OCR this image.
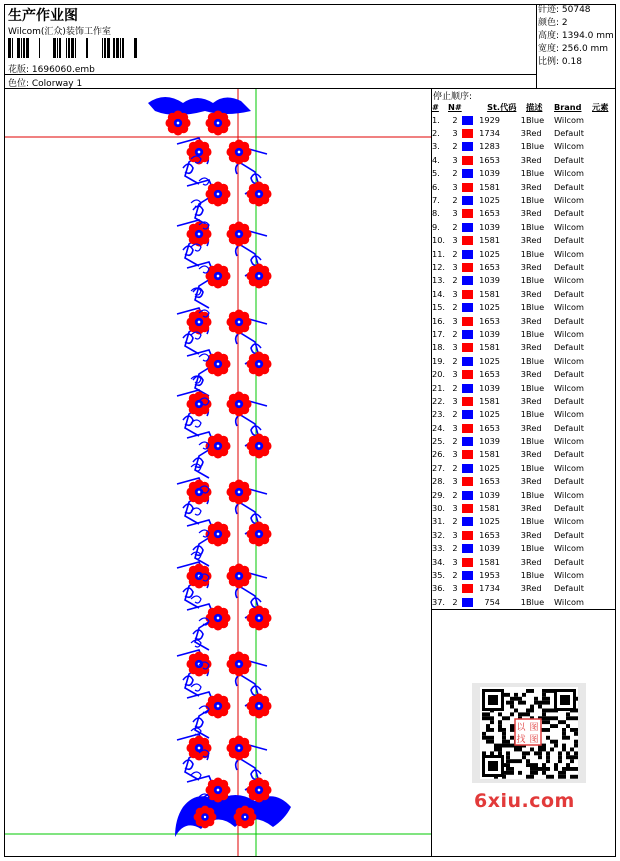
生产作业图
Wilcom(汇众)装饰工作室
花版: 1696060.emb
色位: Colorway 1
针迹: 50748
颜色: 2
高度: 1394.0 mm
宽度: 256.0 mm
比例: 0.18
停止顺序:
#	N#		St.	代码	描述	Brand	元素
1.	2		1929	1	Blue	Wilcom	
2.	3		1734	3	Red	Default	
3.	2		1283	1	Blue	Wilcom	
4.	3		1653	3	Red	Default	
5.	2		1039	1	Blue	Wilcom	
6.	3		1581	3	Red	Default	
7.	2		1025	1	Blue	Wilcom	
8.	3		1653	3	Red	Default	
9.	2		1039	1	Blue	Wilcom	
10.	3		1581	3	Red	Default	
11.	2		1025	1	Blue	Wilcom	
12.	3		1653	3	Red	Default	
13.	2		1039	1	Blue	Wilcom	
14.	3		1581	3	Red	Default	
15.	2		1025	1	Blue	Wilcom	
16.	3		1653	3	Red	Default	
17.	2		1039	1	Blue	Wilcom	
18.	3		1581	3	Red	Default	
19.	2		1025	1	Blue	Wilcom	
20.	3		1653	3	Red	Default	
21.	2		1039	1	Blue	Wilcom	
22.	3		1581	3	Red	Default	
23.	2		1025	1	Blue	Wilcom	
24.	3		1653	3	Red	Default	
25.	2		1039	1	Blue	Wilcom	
26.	3		1581	3	Red	Default	
27.	2		1025	1	Blue	Wilcom	
28.	3		1653	3	Red	Default	
29.	2		1039	1	Blue	Wilcom	
30.	3		1581	3	Red	Default	
31.	2		1025	1	Blue	Wilcom	
32.	3		1653	3	Red	Default	
33.	2		1039	1	Blue	Wilcom	
34.	3		1581	3	Red	Default	
35.	2		1953	1	Blue	Wilcom	
36.	3		1734	3	Red	Default	
37.	2		754	1	Blue	Wilcom	
以 图
找 图
6xiu.com
